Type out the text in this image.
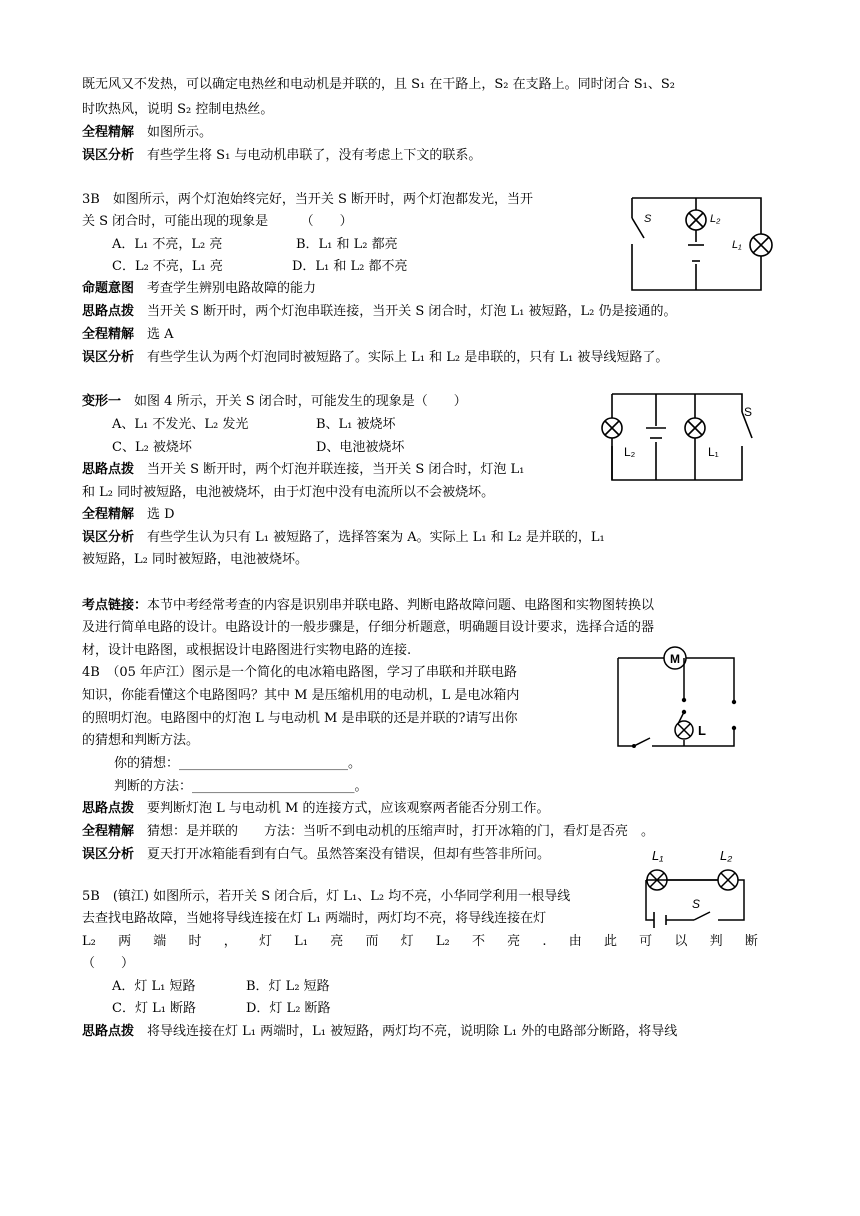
既无风又不发热，可以确定电热丝和电动机是并联的，且 S₁ 在干路上，S₂ 在支路上。同时闭合 S₁、S₂
时吹热风，说明 S₂ 控制电热丝。
全程精解　 如图所示。
误区分析　 有些学生将 S₁ 与电动机串联了，没有考虑上下文的联系。
3B　如图所示，两个灯泡始终完好，当开关 S 断开时，两个灯泡都发光，当开
关 S 闭合时，可能出现的现象是　　　（　　）
A．L₁ 不亮，L₂ 亮	B．L₁ 和 L₂ 都亮
C．L₂ 不亮，L₁ 亮	D．L₁ 和 L₂ 都不亮
命题意图　 考查学生辨别电路故障的能力
思路点拨　 当开关 S 断开时，两个灯泡串联连接，当开关 S 闭合时，灯泡 L₁ 被短路，L₂ 仍是接通的。
全程精解　 选 A
误区分析　 有些学生认为两个灯泡同时被短路了。实际上 L₁ 和 L₂ 是串联的，只有 L₁ 被导线短路了。
S	L₂
L₁
变形一　 如图 4 所示，开关 S 闭合时，可能发生的现象是（　　）
A、L₁ 不发光、L₂ 发光	B、L₁ 被烧坏
C、L₂ 被烧坏	D、电池被烧坏
思路点拨　 当开关 S 断开时，两个灯泡并联连接，当开关 S 闭合时，灯泡 L₁
和 L₂ 同时被短路，电池被烧坏，由于灯泡中没有电流所以不会被烧坏。
全程精解　 选 D
误区分析　 有些学生认为只有 L₁ 被短路了，选择答案为 A。实际上 L₁ 和 L₂ 是并联的，L₁
被短路，L₂ 同时被短路，电池被烧坏。
L₂	L₁
S
考点链接：本节中考经常考查的内容是识别串并联电路、判断电路故障问题、电路图和实物图转换以
及进行简单电路的设计。电路设计的一般步骤是，仔细分析题意，明确题目设计要求，选择合适的器
材，设计电路图，或根据设计电路图进行实物电路的连接.
4B　（05 年庐江）图示是一个简化的电冰箱电路图，学习了串联和并联电路
知识，你能看懂这个电路图吗？其中 M 是压缩机用的电动机，L 是电冰箱内
的照明灯泡。电路图中的灯泡 L 与电动机 M 是串联的还是并联的?请写出你
的猜想和判断方法。
你的猜想：__________________________。
判断的方法：_________________________。
思路点拨　 要判断灯泡 L 与电动机 M 的连接方式，应该观察两者能否分别工作。
全程精解　 猜想：是并联的　　方法：当听不到电动机的压缩声时，打开冰箱的门，看灯是否亮　。
误区分析　 夏天打开冰箱能看到有白气。虽然答案没有错误，但却有些答非所问。
M
L
5B　(镇江) 如图所示，若开关 S 闭合后，灯 L₁、L₂ 均不亮，小华同学利用一根导线
去查找电路故障，当她将导线连接在灯 L₁ 两端时，两灯均不亮，将导线连接在灯
L₂ 两 端 时 ， 灯 L₁ 亮 而 灯 L₂ 不 亮 . 由 此 可 以 判 断
（　　）
A．灯 L₁ 短路	B．灯 L₂ 短路
C．灯 L₁ 断路	D．灯 L₂ 断路
思路点拨　 将导线连接在灯 L₁ 两端时，L₁ 被短路，两灯均不亮，说明除 L₁ 外的电路部分断路，将导线
L₁	L₂
S
